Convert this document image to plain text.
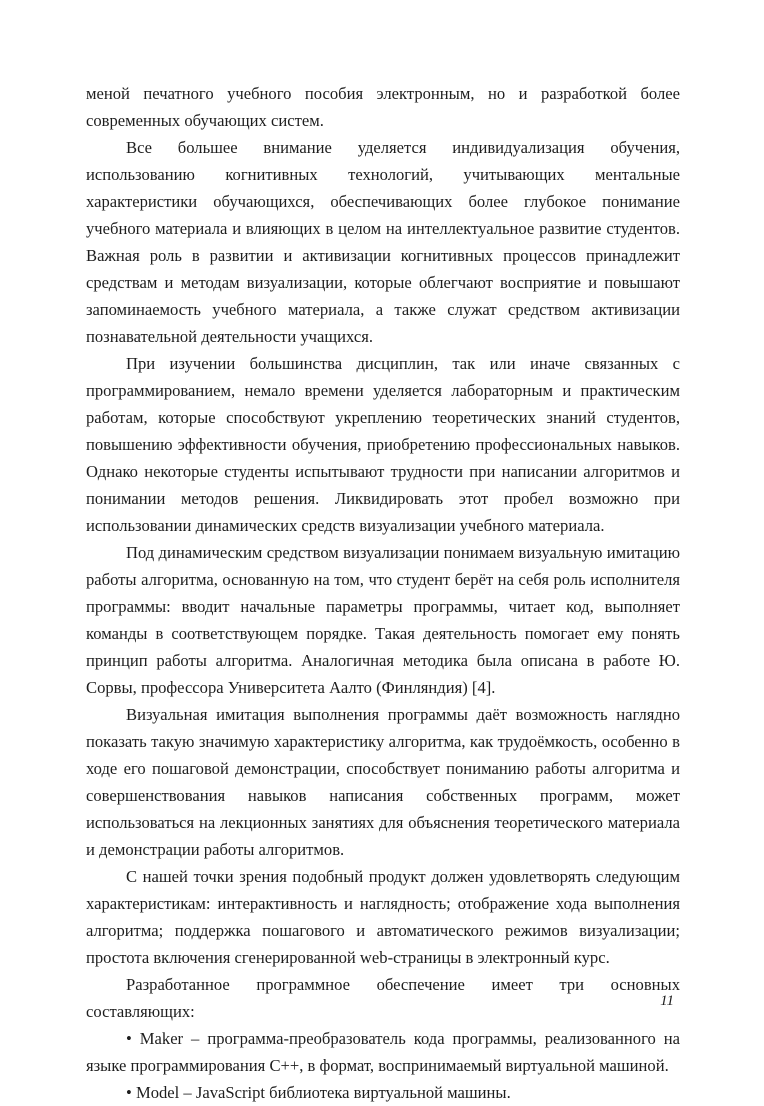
меной печатного учебного пособия электронным, но и разработкой более современных обучающих систем.

Все большее внимание уделяется индивидуализация обучения, использованию когнитивных технологий, учитывающих ментальные характеристики обучающихся, обеспечивающих более глубокое понимание учебного материала и влияющих в целом на интеллектуальное развитие студентов. Важная роль в развитии и активизации когнитивных процессов принадлежит средствам и методам визуализации, которые облегчают восприятие и повышают запоминаемость учебного материала, а также служат средством активизации познавательной деятельности учащихся.

При изучении большинства дисциплин, так или иначе связанных с программированием, немало времени уделяется лабораторным и практическим работам, которые способствуют укреплению теоретических знаний студентов, повышению эффективности обучения, приобретению профессиональных навыков. Однако некоторые студенты испытывают трудности при написании алгоритмов и понимании методов решения. Ликвидировать этот пробел возможно при использовании динамических средств визуализации учебного материала.

Под динамическим средством визуализации понимаем визуальную имитацию работы алгоритма, основанную на том, что студент берёт на себя роль исполнителя программы: вводит начальные параметры программы, читает код, выполняет команды в соответствующем порядке. Такая деятельность помогает ему понять принцип работы алгоритма. Аналогичная методика была описана в работе Ю. Сорвы, профессора Университета Аалто (Финляндия) [4].

Визуальная имитация выполнения программы даёт возможность наглядно показать такую значимую характеристику алгоритма, как трудоёмкость, особенно в ходе его пошаговой демонстрации, способствует пониманию работы алгоритма и совершенствования навыков написания собственных программ, может использоваться на лекционных занятиях для объяснения теоретического материала и демонстрации работы алгоритмов.

С нашей точки зрения подобный продукт должен удовлетворять следующим характеристикам: интерактивность и наглядность; отображение хода выполнения алгоритма; поддержка пошагового и автоматического режимов визуализации; простота включения сгенерированной web-страницы в электронный курс.

Разработанное программное обеспечение имеет три основных составляющих:

• Maker – программа-преобразователь кода программы, реализованного на языке программирования C++, в формат, воспринимаемый виртуальной машиной.

• Model – JavaScript библиотека виртуальной машины.

11
